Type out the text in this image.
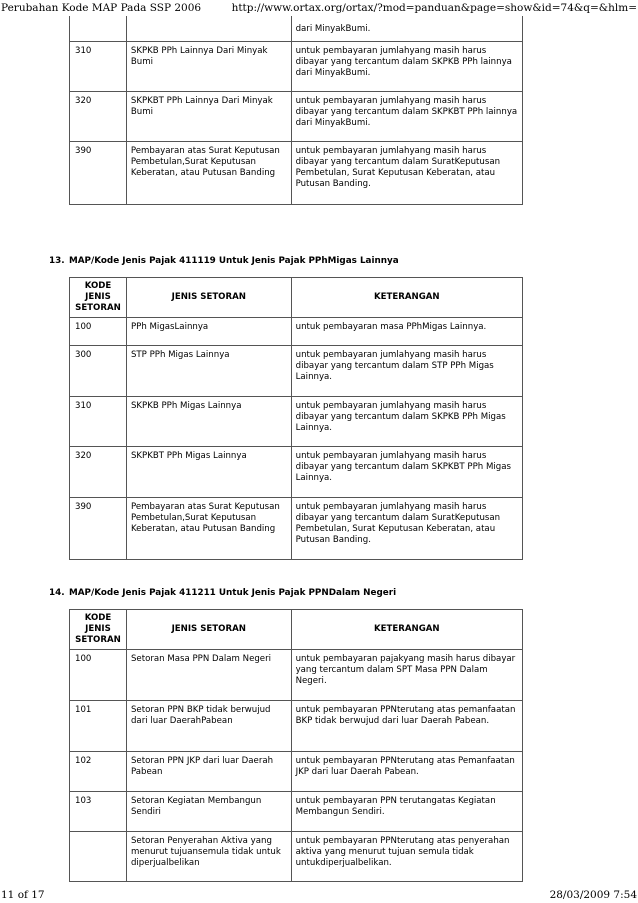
Perubahan Kode MAP Pada SSP 2006	http://www.ortax.org/ortax/?mod=panduan&page=show&id=74&q=&hlm=
		dari MinyakBumi.
310	SKPKB PPh Lainnya Dari Minyak Bumi	untuk pembayaran jumlahyang masih harus dibayar yang tercantum dalam SKPKB PPh lainnya dari MinyakBumi.
320	SKPKBT PPh Lainnya Dari Minyak Bumi	untuk pembayaran jumlahyang masih harus dibayar yang tercantum dalam SKPKBT PPh lainnya dari MinyakBumi.
390	Pembayaran atas Surat Keputusan Pembetulan,Surat Keputusan Keberatan, atau Putusan Banding	untuk pembayaran jumlahyang masih harus dibayar yang tercantum dalam SuratKeputusan Pembetulan, Surat Keputusan Keberatan, atau Putusan Banding.
13. MAP/Kode Jenis Pajak 411119 Untuk Jenis Pajak PPhMigas Lainnya
KODE JENIS SETORAN	JENIS SETORAN	KETERANGAN
100	PPh MigasLainnya	untuk pembayaran masa PPhMigas Lainnya.
300	STP PPh Migas Lainnya	untuk pembayaran jumlahyang masih harus dibayar yang tercantum dalam STP PPh Migas Lainnya.
310	SKPKB PPh Migas Lainnya	untuk pembayaran jumlahyang masih harus dibayar yang tercantum dalam SKPKB PPh Migas Lainnya.
320	SKPKBT PPh Migas Lainnya	untuk pembayaran jumlahyang masih harus dibayar yang tercantum dalam SKPKBT PPh Migas Lainnya.
390	Pembayaran atas Surat Keputusan Pembetulan,Surat Keputusan Keberatan, atau Putusan Banding	untuk pembayaran jumlahyang masih harus dibayar yang tercantum dalam SuratKeputusan Pembetulan, Surat Keputusan Keberatan, atau Putusan Banding.
14. MAP/Kode Jenis Pajak 411211 Untuk Jenis Pajak PPNDalam Negeri
KODE JENIS SETORAN	JENIS SETORAN	KETERANGAN
100	Setoran Masa PPN Dalam Negeri	untuk pembayaran pajakyang masih harus dibayar yang tercantum dalam SPT Masa PPN Dalam Negeri.
101	Setoran PPN BKP tidak berwujud dari luar DaerahPabean	untuk pembayaran PPNterutang atas pemanfaatan BKP tidak berwujud dari luar Daerah Pabean.
102	Setoran PPN JKP dari luar Daerah Pabean	untuk pembayaran PPNterutang atas Pemanfaatan JKP dari luar Daerah Pabean.
103	Setoran Kegiatan Membangun Sendiri	untuk pembayaran PPN terutangatas Kegiatan Membangun Sendiri.
	Setoran Penyerahan Aktiva yang menurut tujuansemula tidak untuk diperjualbelikan	untuk pembayaran PPNterutang atas penyerahan aktiva yang menurut tujuan semula tidak untukdiperjualbelikan.
11 of 17	28/03/2009 7:54
